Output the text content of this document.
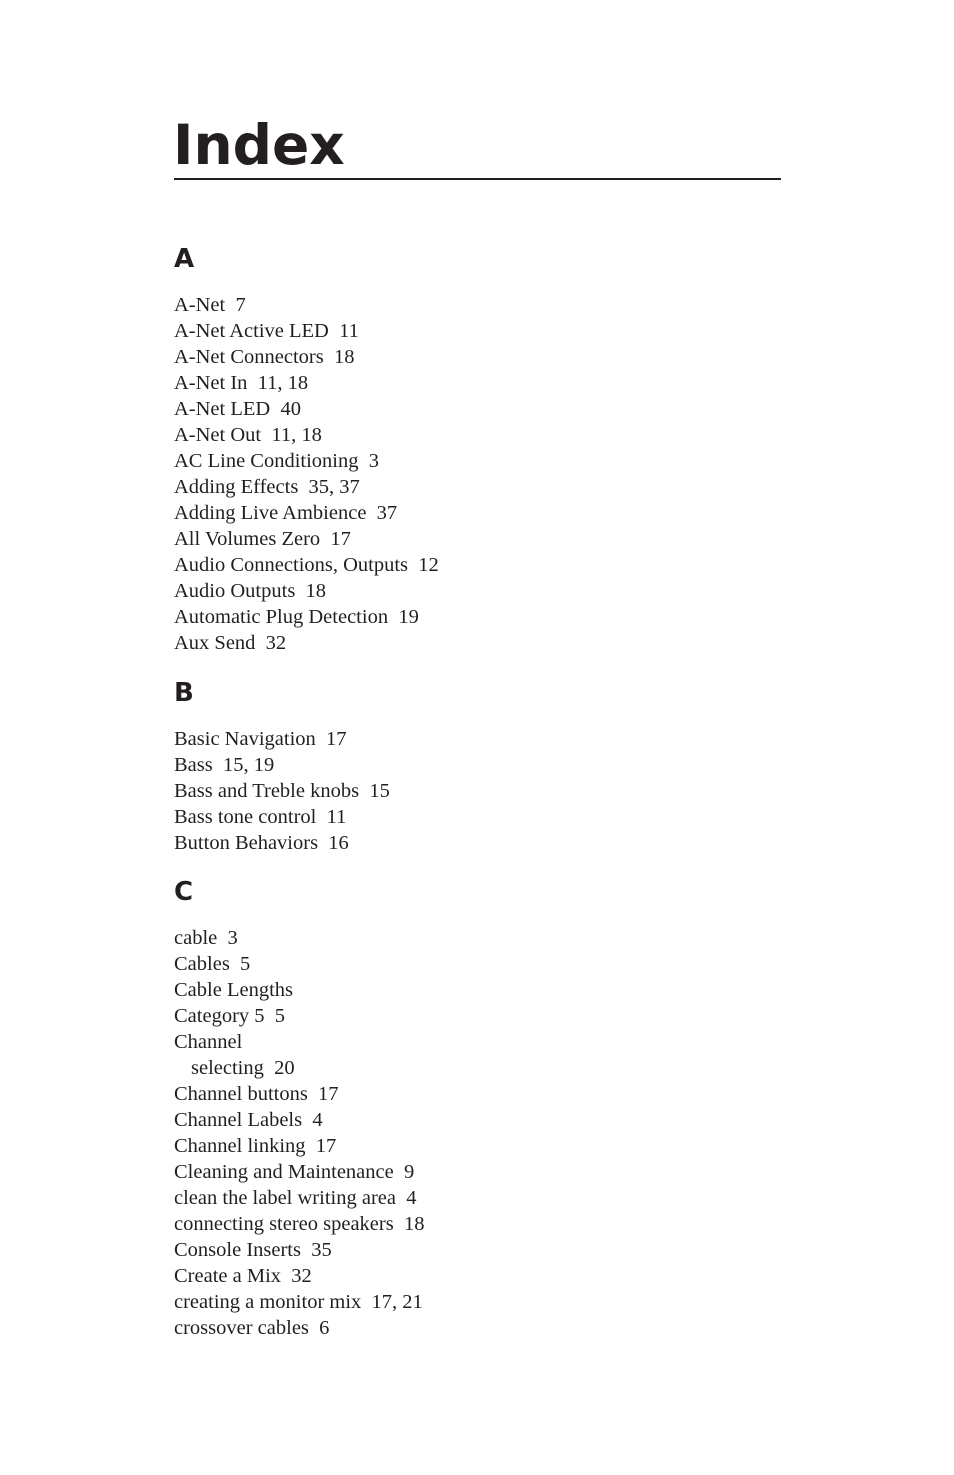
Index
A
A-Net  7
A-Net Active LED  11
A-Net Connectors  18
A-Net In  11, 18
A-Net LED  40
A-Net Out  11, 18
AC Line Conditioning  3
Adding Effects  35, 37
Adding Live Ambience  37
All Volumes Zero  17
Audio Connections, Outputs  12
Audio Outputs  18
Automatic Plug Detection  19
Aux Send  32
B
Basic Navigation  17
Bass  15, 19
Bass and Treble knobs  15
Bass tone control  11
Button Behaviors  16
C
cable  3
Cables  5
Cable Lengths
Category 5  5
Channel
selecting  20
Channel buttons  17
Channel Labels  4
Channel linking  17
Cleaning and Maintenance  9
clean the label writing area  4
connecting stereo speakers  18
Console Inserts  35
Create a Mix  32
creating a monitor mix  17, 21
crossover cables  6
